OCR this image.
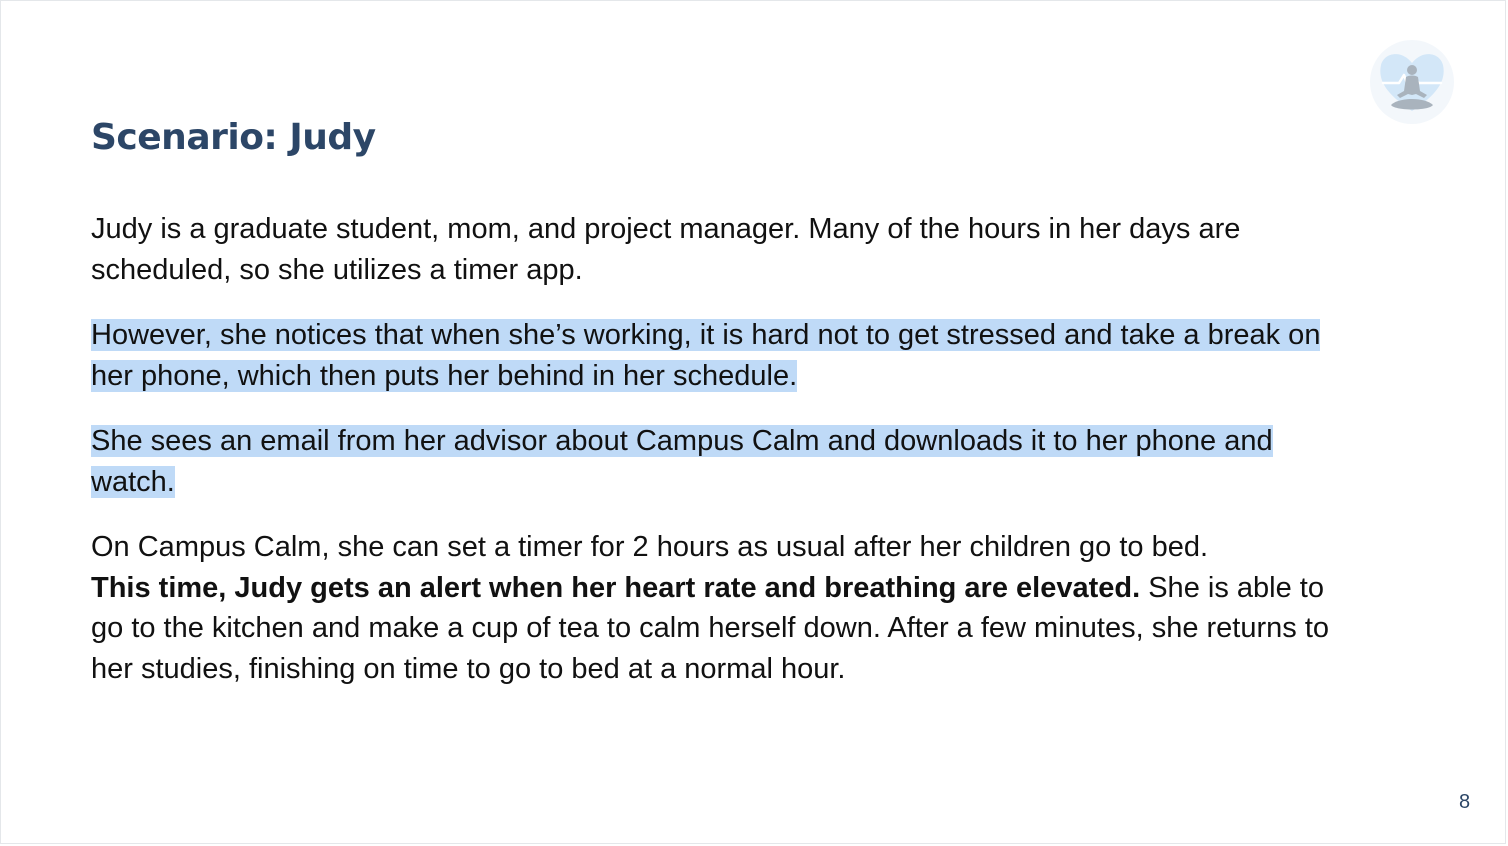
Scenario: Judy

Judy is a graduate student, mom, and project manager. Many of the hours in her days are scheduled, so she utilizes a timer app.

However, she notices that when she’s working, it is hard not to get stressed and take a break on her phone, which then puts her behind in her schedule.

She sees an email from her advisor about Campus Calm and downloads it to her phone and watch.

On Campus Calm, she can set a timer for 2 hours as usual after her children go to bed.
This time, Judy gets an alert when her heart rate and breathing are elevated. She is able to go to the kitchen and make a cup of tea to calm herself down. After a few minutes, she returns to her studies, finishing on time to go to bed at a normal hour.

8
